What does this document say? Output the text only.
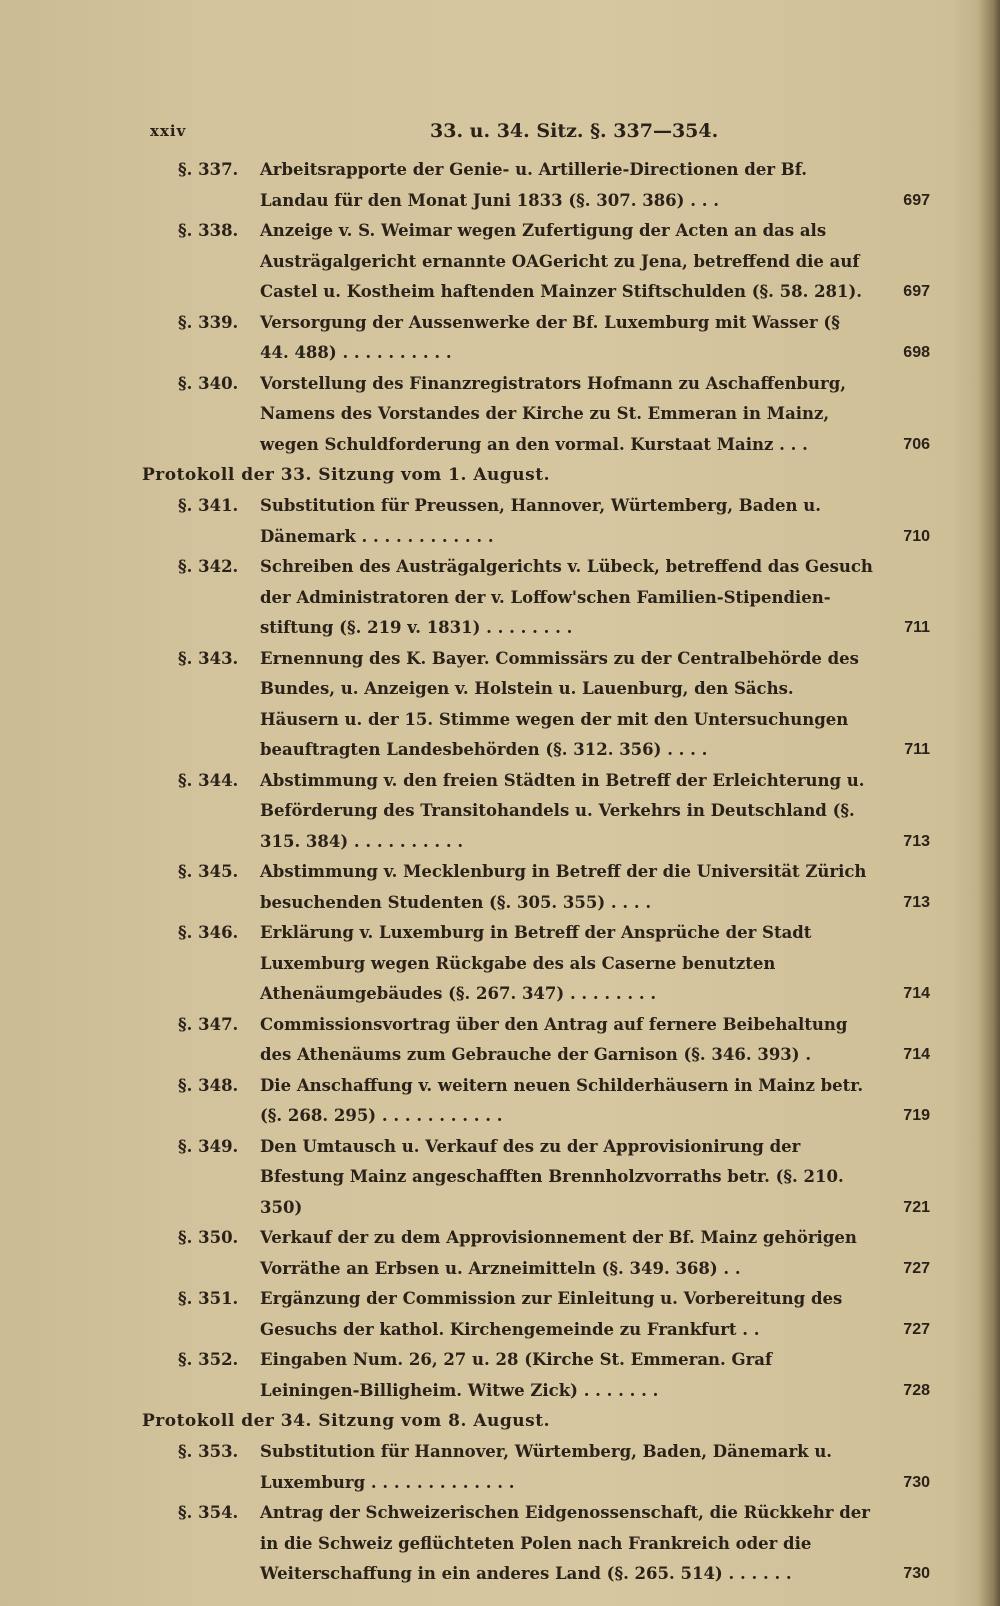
xxiv	33. u. 34. Sitz. §. 337—354.
§. 337. Arbeitsrapporte der Genie- u. Artillerie-Directionen der Bf. Landau für den Monat Juni 1833 (§. 307. 386) . . .	697
§. 338. Anzeige v. S. Weimar wegen Zufertigung der Acten an das als Austrägalgericht ernannte OAGericht zu Jena, betreffend die auf Castel u. Kostheim haftenden Mainzer Stiftschulden (§. 58. 281).	697
§. 339. Versorgung der Aussenwerke der Bf. Luxemburg mit Wasser (§ 44. 488) . . . . . . . . . .	698
§. 340. Vorstellung des Finanzregistrators Hofmann zu Aschaffenburg, Namens des Vorstandes der Kirche zu St. Emmeran in Mainz, wegen Schuldforderung an den vormal. Kurstaat Mainz . . .	706
Protokoll der 33. Sitzung vom 1. August.
§. 341. Substitution für Preussen, Hannover, Würtemberg, Baden u. Dänemark . . . . . . . . . . . .	710
§. 342. Schreiben des Austrägalgerichts v. Lübeck, betreffend das Gesuch der Administratoren der v. Loffow'schen Familien-Stipendien-stiftung (§. 219 v. 1831) . . . . . . . .	711
§. 343. Ernennung des K. Bayer. Commissärs zu der Centralbehörde des Bundes, u. Anzeigen v. Holstein u. Lauenburg, den Sächs. Häusern u. der 15. Stimme wegen der mit den Untersuchungen beauftragten Landesbehörden (§. 312. 356) . . . .	711
§. 344. Abstimmung v. den freien Städten in Betreff der Erleichterung u. Beförderung des Transitohandels u. Verkehrs in Deutschland (§. 315. 384) . . . . . . . . . .	713
§. 345. Abstimmung v. Mecklenburg in Betreff der die Universität Zürich besuchenden Studenten (§. 305. 355) . . . .	713
§. 346. Erklärung v. Luxemburg in Betreff der Ansprüche der Stadt Luxemburg wegen Rückgabe des als Caserne benutzten Athenäumgebäudes (§. 267. 347) . . . . . . . .	714
§. 347. Commissionsvortrag über den Antrag auf fernere Beibehaltung des Athenäums zum Gebrauche der Garnison (§. 346. 393) .	714
§. 348. Die Anschaffung v. weitern neuen Schilderhäusern in Mainz betr. (§. 268. 295) . . . . . . . . . . .	719
§. 349. Den Umtausch u. Verkauf des zu der Approvisionirung der Bfestung Mainz angeschafften Brennholzvorraths betr. (§. 210. 350)	721
§. 350. Verkauf der zu dem Approvisionnement der Bf. Mainz gehörigen Vorräthe an Erbsen u. Arzneimitteln (§. 349. 368) . .	727
§. 351. Ergänzung der Commission zur Einleitung u. Vorbereitung des Gesuchs der kathol. Kirchengemeinde zu Frankfurt . .	727
§. 352. Eingaben Num. 26, 27 u. 28 (Kirche St. Emmeran. Graf Leiningen-Billigheim. Witwe Zick) . . . . . . .	728
Protokoll der 34. Sitzung vom 8. August.
§. 353. Substitution für Hannover, Würtemberg, Baden, Dänemark u. Luxemburg . . . . . . . . . . . . .	730
§. 354. Antrag der Schweizerischen Eidgenossenschaft, die Rückkehr der in die Schweiz geflüchteten Polen nach Frankreich oder die Weiterschaffung in ein anderes Land (§. 265. 514) . . . . . .	730
